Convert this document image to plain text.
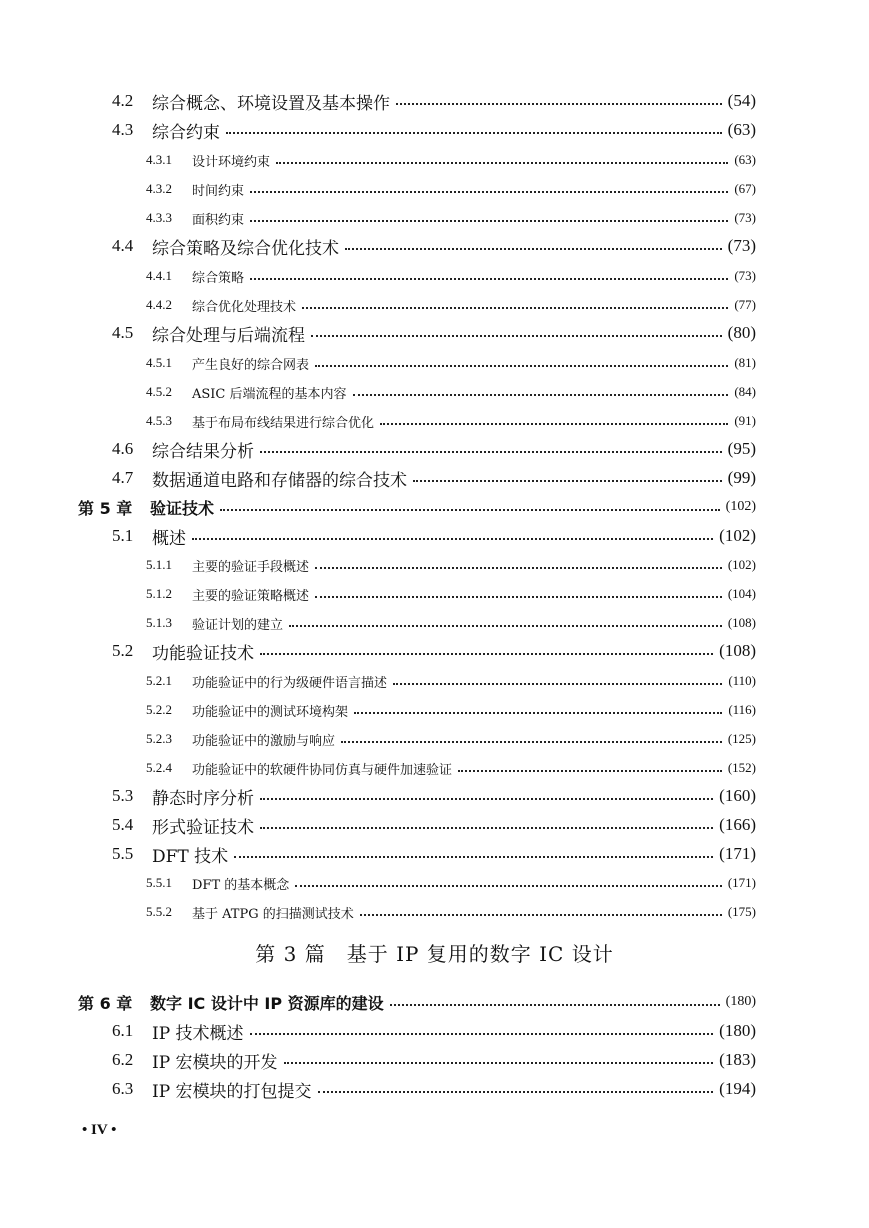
4.2	综合概念、环境设置及基本操作	(54)
4.3	综合约束	(63)
4.3.1	设计环境约束	(63)
4.3.2	时间约束	(67)
4.3.3	面积约束	(73)
4.4	综合策略及综合优化技术	(73)
4.4.1	综合策略	(73)
4.4.2	综合优化处理技术	(77)
4.5	综合处理与后端流程	(80)
4.5.1	产生良好的综合网表	(81)
4.5.2	ASIC 后端流程的基本内容	(84)
4.5.3	基于布局布线结果进行综合优化	(91)
4.6	综合结果分析	(95)
4.7	数据通道电路和存储器的综合技术	(99)
第 5 章	验证技术	(102)
5.1	概述	(102)
5.1.1	主要的验证手段概述	(102)
5.1.2	主要的验证策略概述	(104)
5.1.3	验证计划的建立	(108)
5.2	功能验证技术	(108)
5.2.1	功能验证中的行为级硬件语言描述	(110)
5.2.2	功能验证中的测试环境构架	(116)
5.2.3	功能验证中的激励与响应	(125)
5.2.4	功能验证中的软硬件协同仿真与硬件加速验证	(152)
5.3	静态时序分析	(160)
5.4	形式验证技术	(166)
5.5	DFT 技术	(171)
5.5.1	DFT 的基本概念	(171)
5.5.2	基于 ATPG 的扫描测试技术	(175)
第 6 章	数字 IC 设计中 IP 资源库的建设	(180)
6.1	IP 技术概述	(180)
6.2	IP 宏模块的开发	(183)
6.3	IP 宏模块的打包提交	(194)
第 3 篇　基于 IP 复用的数字 IC 设计
• IV •
